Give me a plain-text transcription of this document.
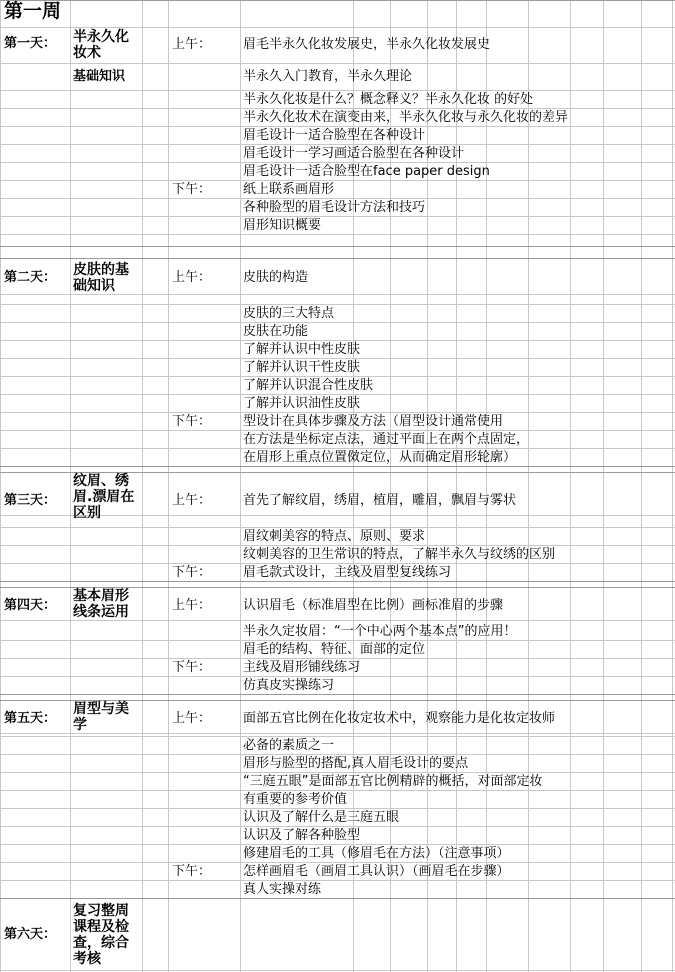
第一周
第一天： 半永久化妆术
基础知识
上午： 眉毛半永久化妆发展史，半永久化妆发展史
半永久入门教育，半永久理论
半永久化妆是什么？概念释义？半永久化妆 的好处
半永久化妆术在演变由来，半永久化妆与永久化妆的差异
眉毛设计一适合脸型在各种设计
眉毛设计一学习画适合脸型在各种设计
眉毛设计一适合脸型在face paper design
下午： 纸上联系画眉形
各种脸型的眉毛设计方法和技巧
眉形知识概要
第二天： 皮肤的基础知识
上午： 皮肤的构造
皮肤的三大特点
皮肤在功能
了解并认识中性皮肤
了解并认识干性皮肤
了解并认识混合性皮肤
了解并认识油性皮肤
下午： 型设计在具体步骤及方法（眉型设计通常使用
在方法是坐标定点法，通过平面上在两个点固定，
在眉形上重点位置傚定位，从而确定眉形轮廓）
第三天：
纹眉、绣眉.漂眉在区别
上午： 首先了解纹眉，绣眉，植眉，雕眉，飘眉与雾状
眉纹刺美容的特点、原则、要求
纹刺美容的卫生常识的特点，了解半永久与纹绣的区别
下午： 眉毛款式设计，主线及眉型复线练习
第四天：
基本眉形线条运用	上午： 认识眉毛（标准眉型在比例）画标准眉的步骤
半永久定妆眉：“一个中心两个基本点”的应用！
眉毛的结构、特征、面部的定位
下午： 主线及眉形铺线练习
仿真皮实操练习
第五天：
眉型与美学	上午： 面部五官比例在化妆定妆术中，观察能力是化妆定妆师
必备的素质之一
眉形与脸型的搭配,真人眉毛设计的要点
“三庭五眼”是面部五官比例精辟的概括，对面部定妆
有重要的参考价值
认识及了解什么是三庭五眼
认识及了解各种脸型
修建眉毛的工具（修眉毛在方法）（注意事项）
下午： 怎样画眉毛（画眉工具认识）（画眉毛在步骤）
真人实操对练
第六天：
复习整周课程及检查，综合考核
